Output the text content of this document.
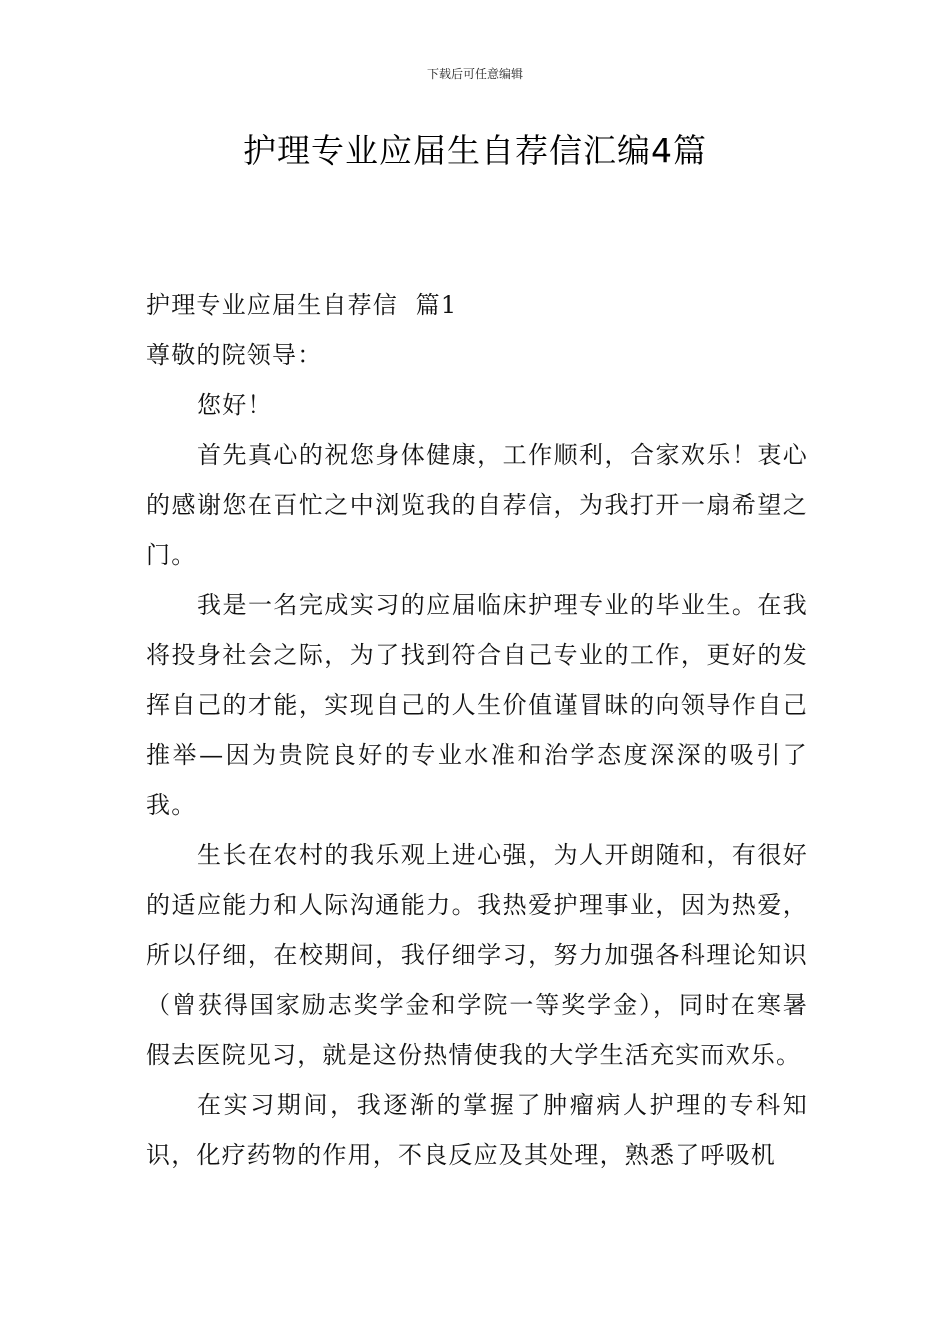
下载后可任意编辑
护理专业应届生自荐信汇编4篇

护理专业应届生自荐信  篇1

尊敬的院领导：

您好！

首先真心的祝您身体健康，工作顺利，合家欢乐！衷心的感谢您在百忙之中浏览我的自荐信，为我打开一扇希望之门。

我是一名完成实习的应届临床护理专业的毕业生。在我将投身社会之际，为了找到符合自己专业的工作，更好的发挥自己的才能，实现自己的人生价值谨冒昧的向领导作自己推举—因为贵院良好的专业水准和治学态度深深的吸引了我。

生长在农村的我乐观上进心强，为人开朗随和，有很好的适应能力和人际沟通能力。我热爱护理事业，因为热爱，所以仔细，在校期间，我仔细学习，努力加强各科理论知识（曾获得国家励志奖学金和学院一等奖学金），同时在寒暑假去医院见习，就是这份热情使我的大学生活充实而欢乐。

在实习期间，我逐渐的掌握了肿瘤病人护理的专科知识，化疗药物的作用，不良反应及其处理，熟悉了呼吸机
